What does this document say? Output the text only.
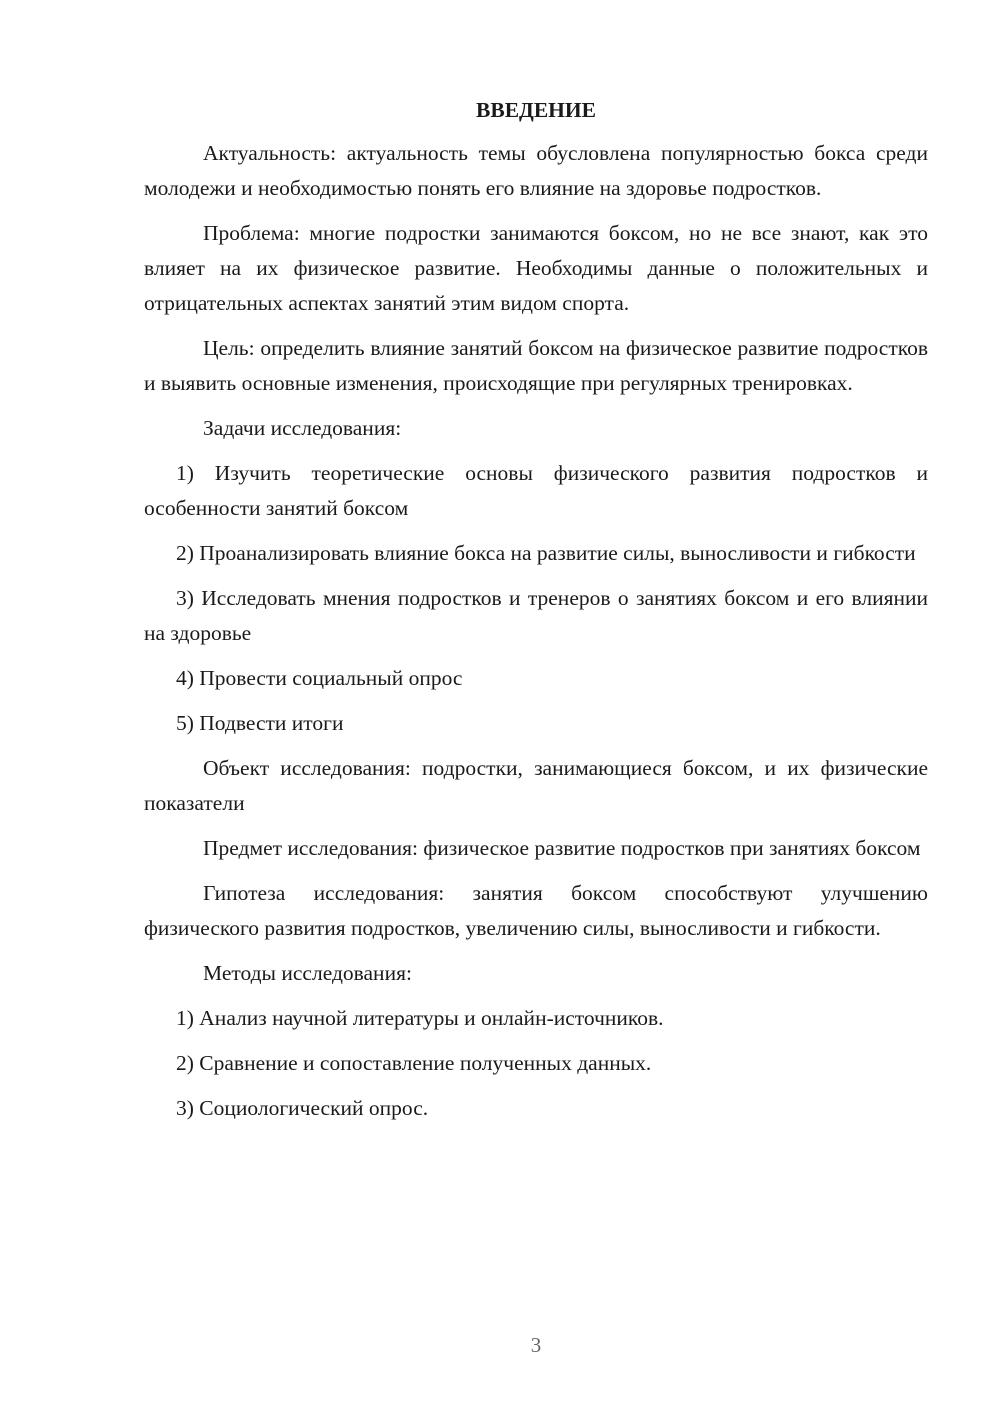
ВВЕДЕНИЕ

Актуальность: актуальность темы обусловлена популярностью бокса среди молодежи и необходимостью понять его влияние на здоровье подростков.

Проблема: многие подростки занимаются боксом, но не все знают, как это влияет на их физическое развитие. Необходимы данные о положительных и отрицательных аспектах занятий этим видом спорта.

Цель: определить влияние занятий боксом на физическое развитие подростков и выявить основные изменения, происходящие при регулярных тренировках.

Задачи исследования:

1) Изучить теоретические основы физического развития подростков и особенности занятий боксом

2) Проанализировать влияние бокса на развитие силы, выносливости и гибкости

3) Исследовать мнения подростков и тренеров о занятиях боксом и его влиянии на здоровье

4) Провести социальный опрос

5) Подвести итоги

Объект исследования: подростки, занимающиеся боксом, и их физические показатели

Предмет исследования: физическое развитие подростков при занятиях боксом

Гипотеза исследования: занятия боксом способствуют улучшению физического развития подростков, увеличению силы, выносливости и гибкости.

Методы исследования:

1) Анализ научной литературы и онлайн-источников.

2) Сравнение и сопоставление полученных данных.

3) Социологический опрос.

3
